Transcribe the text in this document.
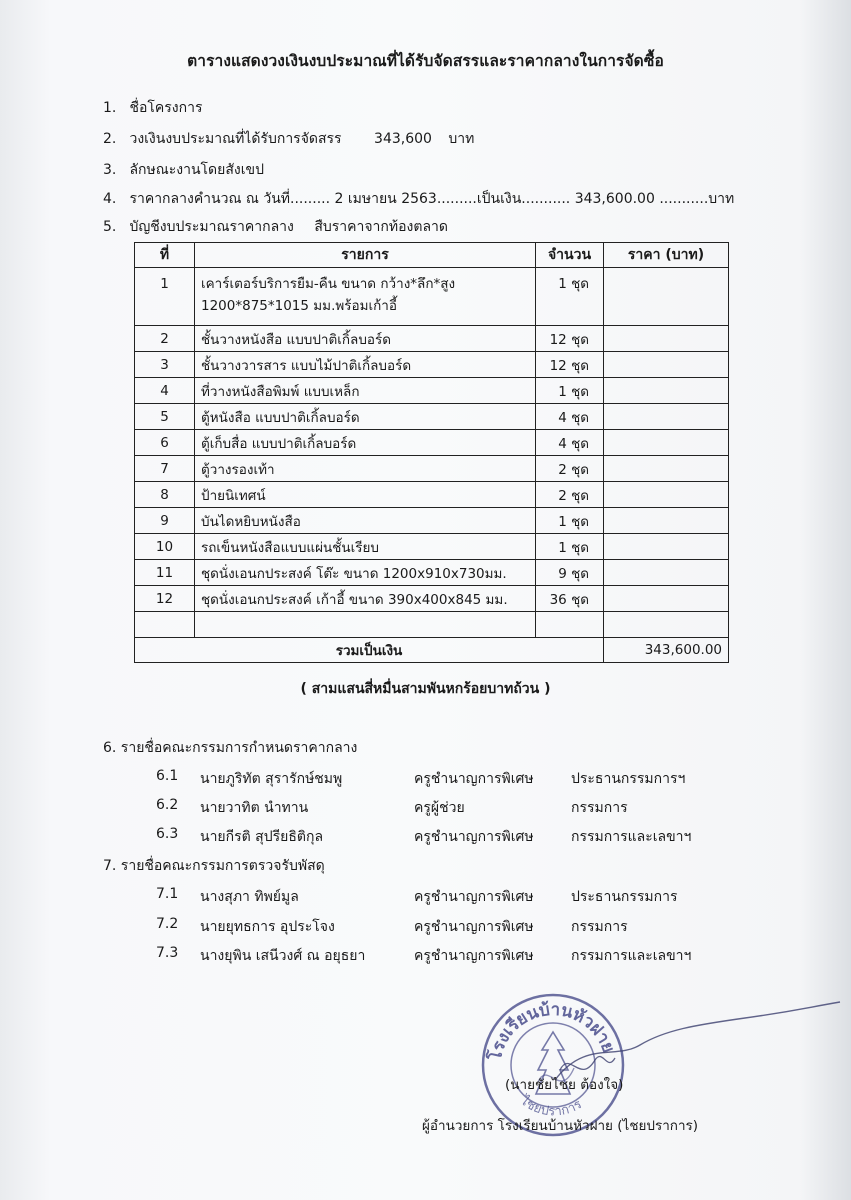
ตารางแสดงวงเงินงบประมาณที่ได้รับจัดสรรและราคากลางในการจัดซื้อ
1. ชื่อโครงการ
2. วงเงินงบประมาณที่ได้รับการจัดสรร 343,600 บาท
3. ลักษณะงานโดยสังเขป
4. ราคากลางคำนวณ ณ วันที่......... 2 เมษายน 2563.........เป็นเงิน........... 343,600.00 ...........บาท
5. บัญชีงบประมาณราคากลาง สืบราคาจากท้องตลาด
ที่	รายการ	จำนวน	ราคา (บาท)
1	เคาร์เตอร์บริการยืม-คืน ขนาด กว้าง*ลึก*สูง 1200*875*1015 มม.พร้อมเก้าอี้	1 ชุด	
2	ชั้นวางหนังสือ แบบปาติเกิ้ลบอร์ด	12 ชุด	
3	ชั้นวางวารสาร แบบไม้ปาติเกิ้ลบอร์ด	12 ชุด	
4	ที่วางหนังสือพิมพ์ แบบเหล็ก	1 ชุด	
5	ตู้หนังสือ แบบปาติเกิ้ลบอร์ด	4 ชุด	
6	ตู้เก็บสื่อ แบบปาติเกิ้ลบอร์ด	4 ชุด	
7	ตู้วางรองเท้า	2 ชุด	
8	ป้ายนิเทศน์	2 ชุด	
9	บันไดหยิบหนังสือ	1 ชุด	
10	รถเข็นหนังสือแบบแผ่นชั้นเรียบ	1 ชุด	
11	ชุดนั่งเอนกประสงค์ โต๊ะ ขนาด 1200x910x730มม.	9 ชุด	
12	ชุดนั่งเอนกประสงค์ เก้าอี้ ขนาด 390x400x845 มม.	36 ชุด	

รวมเป็นเงิน			343,600.00
( สามแสนสี่หมื่นสามพันหกร้อยบาทถ้วน )
6. รายชื่อคณะกรรมการกำหนดราคากลาง
6.1 นายภูริทัต สุรารักษ์ชมพู	ครูชำนาญการพิเศษ	ประธานกรรมการฯ
6.2 นายวาทิต นำทาน	ครูผู้ช่วย	กรรมการ
6.3 นายกีรติ สุปรียธิติกุล	ครูชำนาญการพิเศษ	กรรมการและเลขาฯ
7. รายชื่อคณะกรรมการตรวจรับพัสดุ
7.1 นางสุภา ทิพย์มูล	ครูชำนาญการพิเศษ	ประธานกรรมการ
7.2 นายยุทธการ อุประโจง	ครูชำนาญการพิเศษ	กรรมการ
7.3 นางยุพิน เสนีวงศ์ ณ อยุธยา	ครูชำนาญการพิเศษ	กรรมการและเลขาฯ
โรงเรียนบ้านหัวฝาย
ไชยปราการ
(นายชัยไชย ต้องใจ)
ผู้อำนวยการ โรงเรียนบ้านหัวฝาย (ไชยปราการ)
